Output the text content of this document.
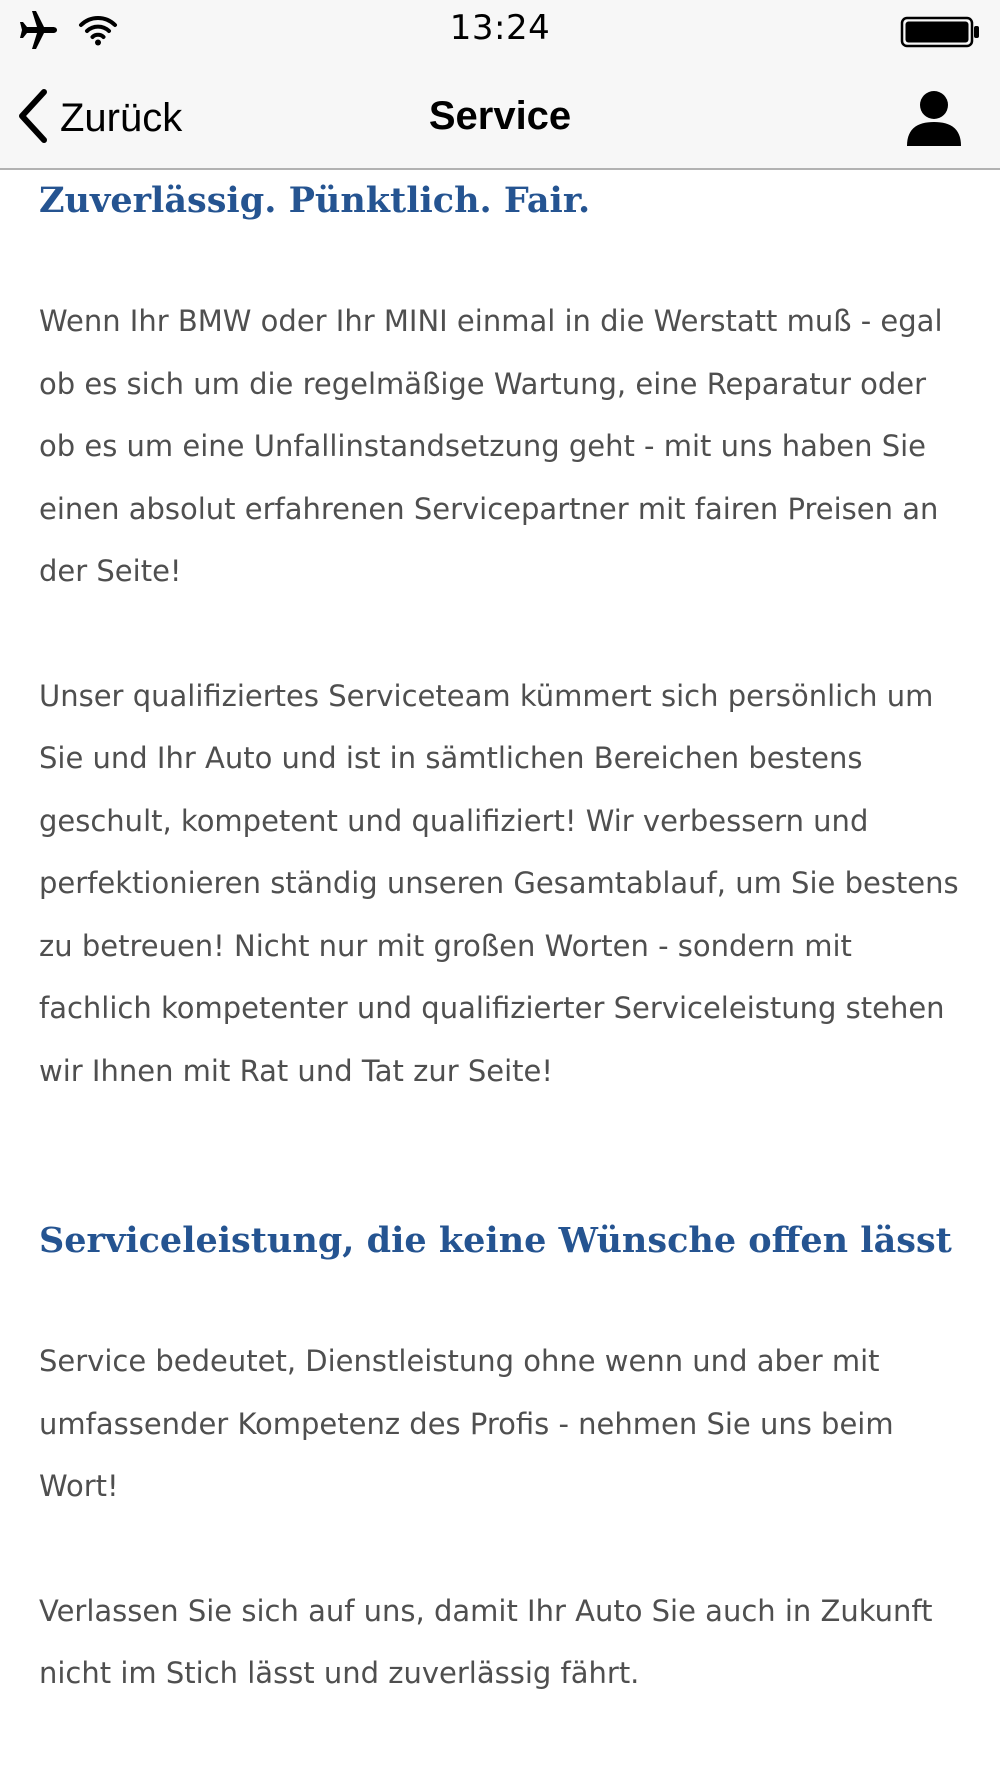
13:24
Zurück	Service
Zuverlässig. Pünktlich. Fair.

Wenn Ihr BMW oder Ihr MINI einmal in die Werstatt muß - egal ob es sich um die regelmäßige Wartung, eine Reparatur oder ob es um eine Unfallinstandsetzung geht - mit uns haben Sie einen absolut erfahrenen Servicepartner mit fairen Preisen an der Seite!

Unser qualifiziertes Serviceteam kümmert sich persönlich um Sie und Ihr Auto und ist in sämtlichen Bereichen bestens geschult, kompetent und qualifiziert! Wir verbessern und perfektionieren ständig unseren Gesamtablauf, um Sie bestens zu betreuen! Nicht nur mit großen Worten - sondern mit fachlich kompetenter und qualifizierter Serviceleistung stehen wir Ihnen mit Rat und Tat zur Seite!

Serviceleistung, die keine Wünsche offen lässt

Service bedeutet, Dienstleistung ohne wenn und aber mit umfassender Kompetenz des Profis - nehmen Sie uns beim Wort!

Verlassen Sie sich auf uns, damit Ihr Auto Sie auch in Zukunft nicht im Stich lässt und zuverlässig fährt.
